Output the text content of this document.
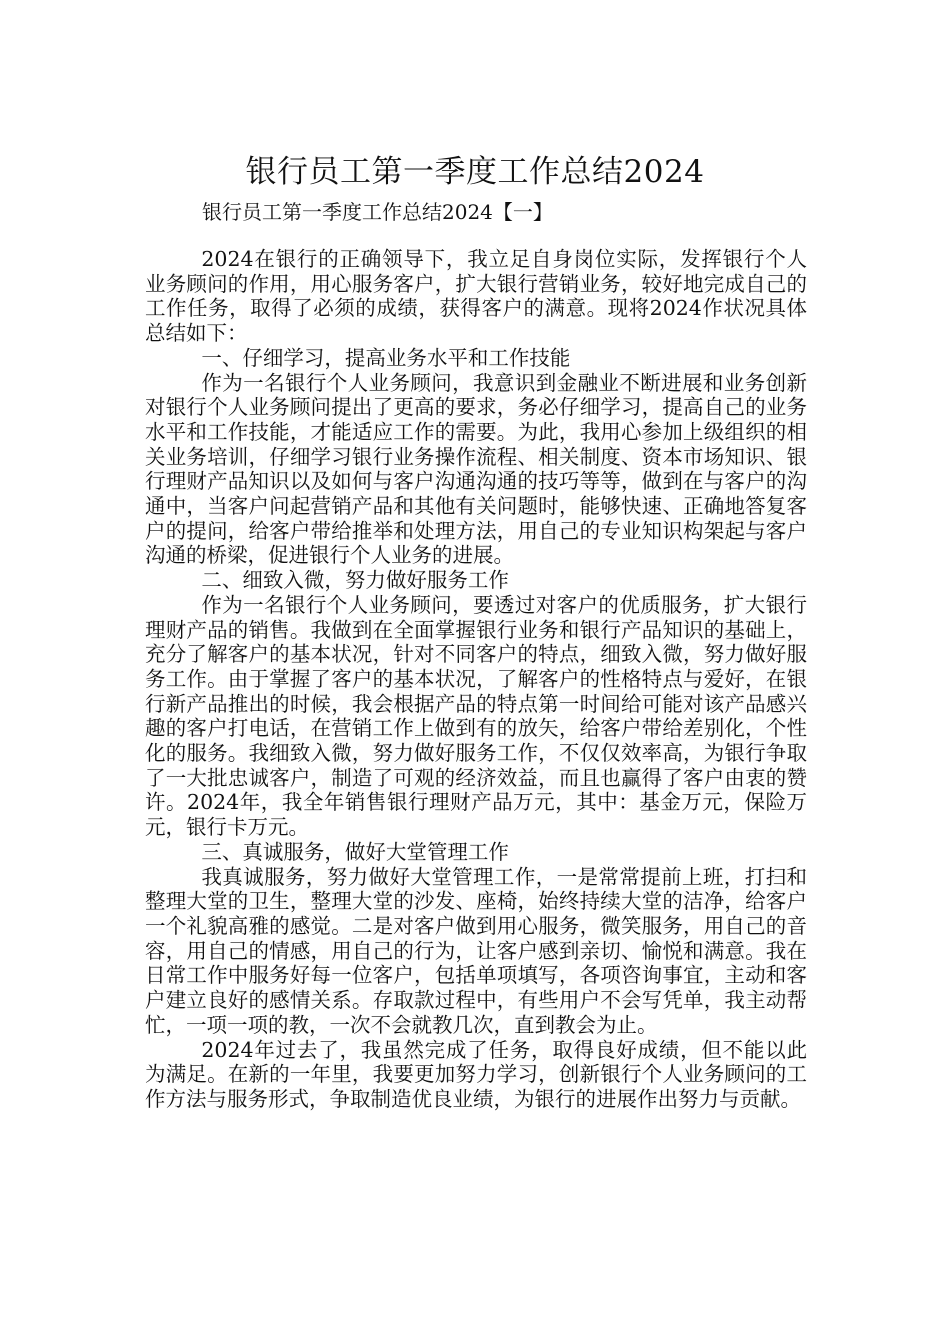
银行员工第一季度工作总结2024
银行员工第一季度工作总结2024【一】

2024在银行的正确领导下，我立足自身岗位实际，发挥银行个人业务顾问的作用，用心服务客户，扩大银行营销业务，较好地完成自己的工作任务，取得了必须的成绩，获得客户的满意。现将2024作状况具体总结如下：

一、仔细学习，提高业务水平和工作技能

作为一名银行个人业务顾问，我意识到金融业不断进展和业务创新对银行个人业务顾问提出了更高的要求，务必仔细学习，提高自己的业务水平和工作技能，才能适应工作的需要。为此，我用心参加上级组织的相关业务培训，仔细学习银行业务操作流程、相关制度、资本市场知识、银行理财产品知识以及如何与客户沟通沟通的技巧等等，做到在与客户的沟通中，当客户问起营销产品和其他有关问题时，能够快速、正确地答复客户的提问，给客户带给推举和处理方法，用自己的专业知识构架起与客户沟通的桥梁，促进银行个人业务的进展。

二、细致入微，努力做好服务工作

作为一名银行个人业务顾问，要透过对客户的优质服务，扩大银行理财产品的销售。我做到在全面掌握银行业务和银行产品知识的基础上，充分了解客户的基本状况，针对不同客户的特点，细致入微，努力做好服务工作。由于掌握了客户的基本状况，了解客户的性格特点与爱好，在银行新产品推出的时候，我会根据产品的特点第一时间给可能对该产品感兴趣的客户打电话，在营销工作上做到有的放矢，给客户带给差别化，个性化的服务。我细致入微，努力做好服务工作，不仅仅效率高，为银行争取了一大批忠诚客户，制造了可观的经济效益，而且也赢得了客户由衷的赞许。2024年，我全年销售银行理财产品万元，其中：基金万元，保险万元，银行卡万元。

三、真诚服务，做好大堂管理工作

我真诚服务，努力做好大堂管理工作，一是常常提前上班，打扫和整理大堂的卫生，整理大堂的沙发、座椅，始终持续大堂的洁净，给客户一个礼貌高雅的感觉。二是对客户做到用心服务，微笑服务，用自己的音容，用自己的情感，用自己的行为，让客户感到亲切、愉悦和满意。我在日常工作中服务好每一位客户，包括单项填写，各项咨询事宜，主动和客户建立良好的感情关系。存取款过程中，有些用户不会写凭单，我主动帮忙，一项一项的教，一次不会就教几次，直到教会为止。

2024年过去了，我虽然完成了任务，取得良好成绩，但不能以此为满足。在新的一年里，我要更加努力学习，创新银行个人业务顾问的工作方法与服务形式，争取制造优良业绩，为银行的进展作出努力与贡献。
